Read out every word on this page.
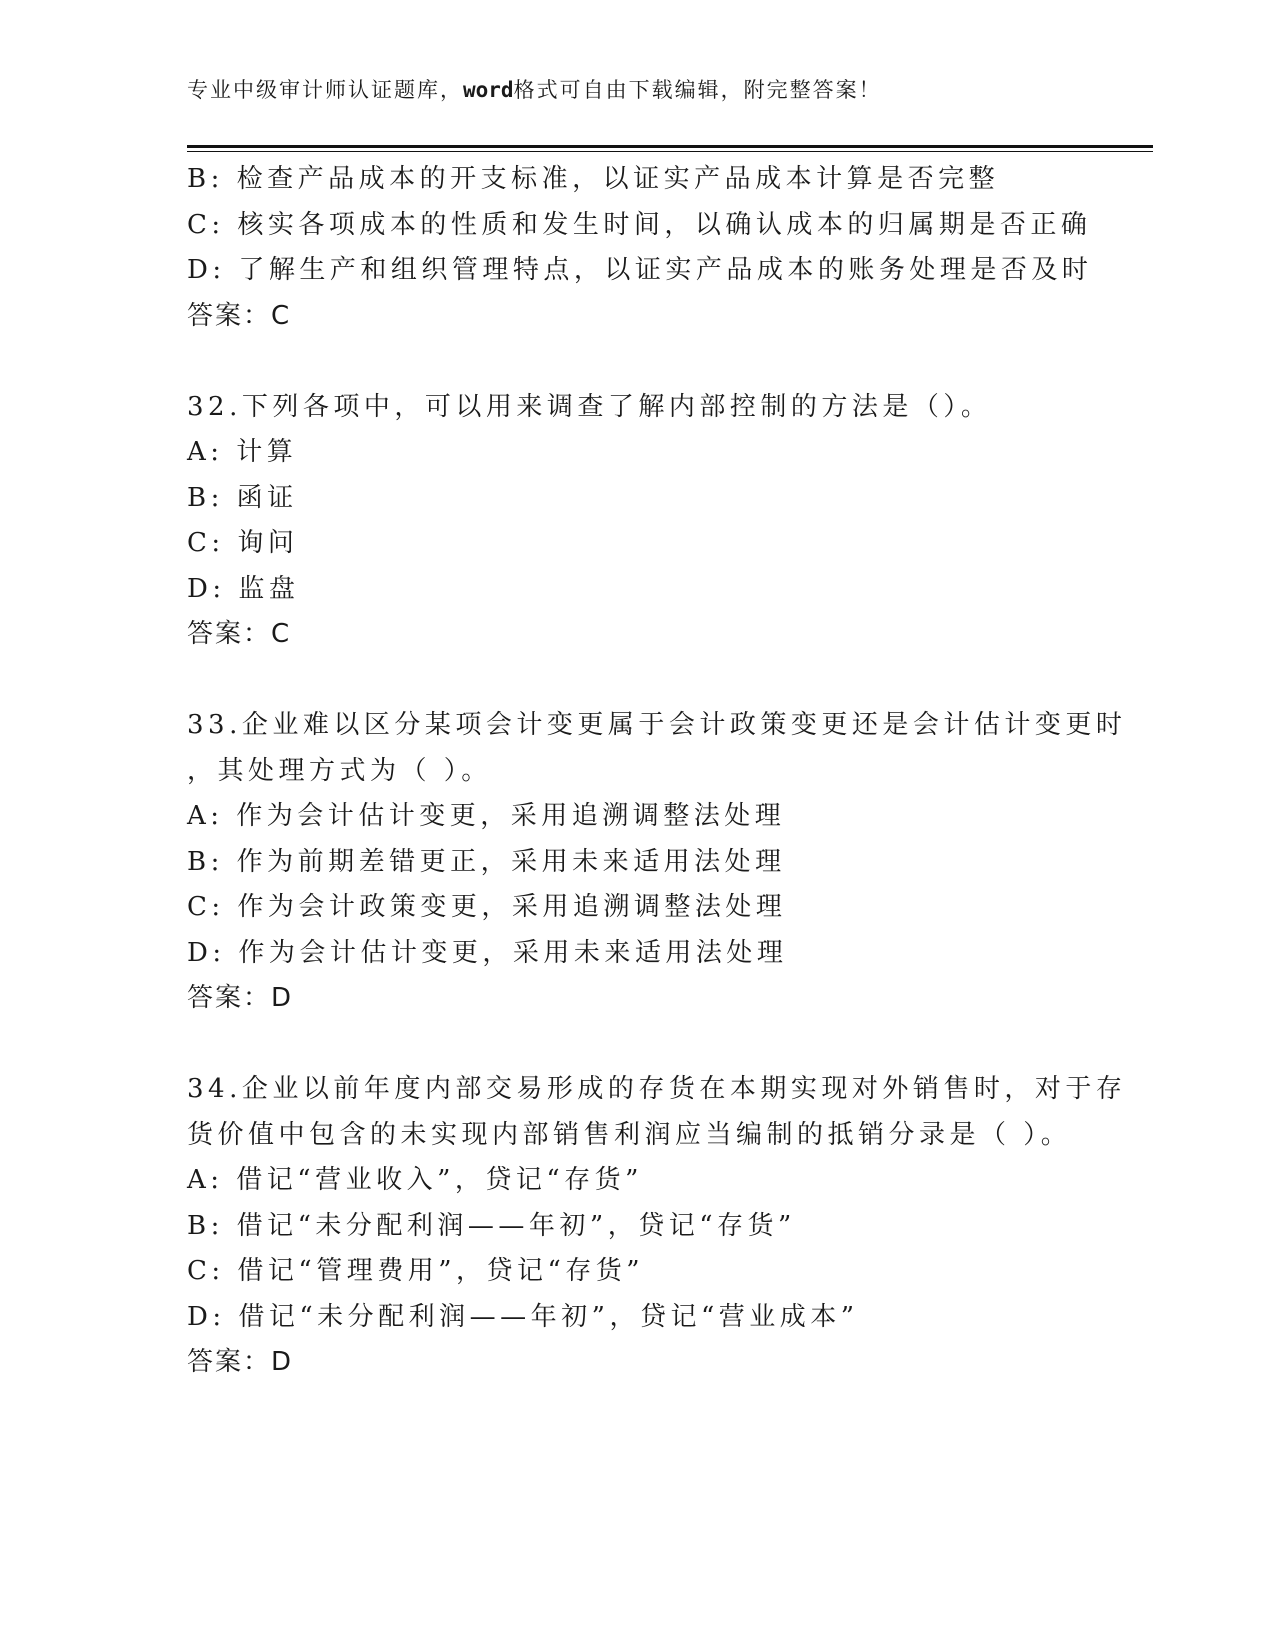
专业中级审计师认证题库，word格式可自由下载编辑，附完整答案！
B: 检查产品成本的开支标准，以证实产品成本计算是否完整
C: 核实各项成本的性质和发生时间，以确认成本的归属期是否正确
D: 了解生产和组织管理特点，以证实产品成本的账务处理是否及时
答案：C
32.下列各项中，可以用来调查了解内部控制的方法是（）。
A: 计算
B: 函证
C: 询问
D: 监盘
答案：C
33.企业难以区分某项会计变更属于会计政策变更还是会计估计变更时
，其处理方式为（ ）。
A: 作为会计估计变更，采用追溯调整法处理
B: 作为前期差错更正，采用未来适用法处理
C: 作为会计政策变更，采用追溯调整法处理
D: 作为会计估计变更，采用未来适用法处理
答案：D
34.企业以前年度内部交易形成的存货在本期实现对外销售时，对于存
货价值中包含的未实现内部销售利润应当编制的抵销分录是（ ）。
A: 借记“营业收入”，贷记“存货”
B: 借记“未分配利润——年初”，贷记“存货”
C: 借记“管理费用”，贷记“存货”
D: 借记“未分配利润——年初”，贷记“营业成本”
答案：D
